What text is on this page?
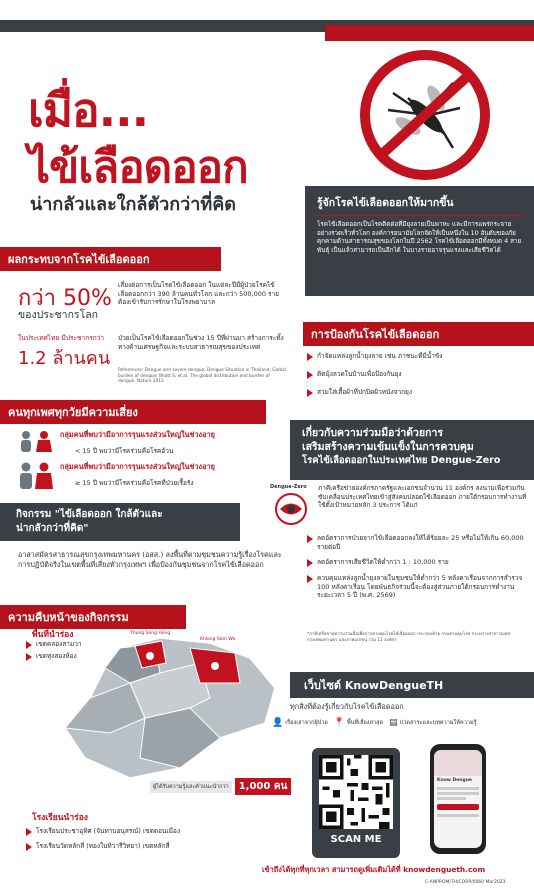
เมื่อ...
ไข้เลือดออก
น่ากลัวและใกล้ตัวกว่าที่คิด	รู้จักโรคไข้เลือดออกให้มากขึ้น
โรคไข้เลือดออกเป็นโรคติดต่อที่มียุงลายเป็นพาหะ และมีการแพร่กระจายอย่างรวดเร็วทั่วโลก องค์การอนามัยโลกจัดให้เป็นหนึ่งใน 10 อันดับของภัยคุกคามด้านสาธารณสุขของโลกในปี 2562 โรคไข้เลือดออกมีทั้งหมด 4 สายพันธุ์ เป็นแล้วสามารถเป็นอีกได้ ในบางรายอาจรุนแรงและเสียชีวิตได้
ผลกระทบจากโรคไข้เลือดออก
กว่า 50%
ของประชากรโลก
เสี่ยงต่อการเป็นโรคไข้เลือดออก ในแต่ละปีมีผู้ป่วยโรคไข้เลือดออกกว่า 390 ล้านคนทั่วโลก และกว่า 500,000 ราย ต้องเข้ารับการรักษาในโรงพยาบาล
ในประเทศไทย มีประชากรกว่า
1.2 ล้านคน
ป่วยเป็นโรคไข้เลือดออกในช่วง 15 ปีที่ผ่านมา สร้างภาระทั้งทางด้านเศรษฐกิจและระบบสาธารณสุขของประเทศ
References: Dengue and severe dengue; Dengue Situation in Thailand; Global burden of dengue; Bhatt S, et al. The global distribution and burden of dengue. Nature 2013
การป้องกันโรคไข้เลือดออก
กำจัดแหล่งลูกน้ำยุงลาย เช่น ภาชนะที่มีน้ำขัง
ติดมุ้งลวดในบ้านเพื่อป้องกันยุง
สวมใส่เสื้อผ้าที่ปกปิดผิวหนังจากยุง
คนทุกเพศทุกวัยมีความเสี่ยง
กลุ่มคนที่พบว่ามีอาการรุนแรงส่วนใหญ่ในช่วงอายุ
< 15 ปี พบว่ามีโรคร่วมคือโรคอ้วน
กลุ่มคนที่พบว่ามีอาการรุนแรงส่วนใหญ่ในช่วงอายุ
≥ 15 ปี พบว่ามีโรคร่วมคือโรคที่ป่วยเรื้อรัง
เกี่ยวกับความร่วมมือว่าด้วยการ
เสริมสร้างความเข้มแข็งในการควบคุม
โรคไข้เลือดออกในประเทศไทย Dengue-Zero
Dengue-Zero ภาคีเครือข่ายองค์กรภาครัฐและเอกชนจำนวน 11 องค์กร ลงนามเพื่อร่วมกันขับเคลื่อนประเทศไทยเข้าสู่สังคมปลอดไข้เลือดออก ภายใต้กรอบการทำงานที่ใช้ตั้งเป้าหมายหลัก 3 ประการ ได้แก่
ลดอัตราการป่วยจากไข้เลือดออกลงให้ได้ร้อยละ 25 หรือไม่ให้เกิน 60,000 รายต่อปี
ลดอัตราการเสียชีวิตให้ต่ำกว่า 1 : 10,000 ราย
ควบคุมแหล่งลูกน้ำยุงลายในชุมชนให้ต่ำกว่า 5 หลังคาเรือนจากการสำรวจ 100 หลังคาเรือน โดยพันธกิจร่วมนี้จะต้องสู่ส่วนภายใต้กรอบการทำงานระยะเวลา 5 ปี (พ.ศ. 2569)
*ภาคีเครือข่ายความร่วมมือเพื่อการควบคุมโรคไข้เลือดออก ประกอบด้วย กรมควบคุมโรค กระทรวงสาธารณสุข กรุงเทพมหานคร และภาคเอกชน รวม 11 องค์กร
กิจกรรม "ไข้เลือดออก ใกล้ตัวและ
น่ากลัวกว่าที่คิด"
อาสาสมัครสาธารณสุขกรุงเทพมหานคร (อสส.) ลงพื้นที่ตามชุมชนความรู้เรื่องโรคและการปฏิบัติจริงในเขตพื้นที่เสี่ยงทั่วกรุงเทพฯ เพื่อป้องกันชุมชนจากโรคไข้เลือดออก
ความคืบหน้าของกิจกรรม
พื้นที่นำร่อง
เขตคลองสามวา
เขตทุ่งสองห้อง
Thung Song Hong
Khlong Sam Wa
ผู้ได้รับความรู้และคำแนะนำกว่า	1,000 คน
โรงเรียนนำร่อง
โรงเรียนประชาอุทิศ (จันทาบอนุสรณ์) เขตดอนเมือง
โรงเรียนวัดหลักสี่ (ทองใบทิวารีวิทยา) เขตหลักสี่
เว็บไซต์ KnowDengueTH
ทุกสิ่งที่ต้องรู้เกี่ยวกับโรคไข้เลือดออก
👤 เรื่องเล่าจากผู้ป่วย 📍 พื้นที่เสี่ยงล่าสุด ▤ ปวดสาระและบทความให้ความรู้
SCAN ME
Know Dengue
เข้าถึงได้ทุกที่ทุกเวลา สามารถดูเพิ่มเติมได้ที่ knowdengueth.com
C-ANPROM/TH/CORP/0060 Mar2023
